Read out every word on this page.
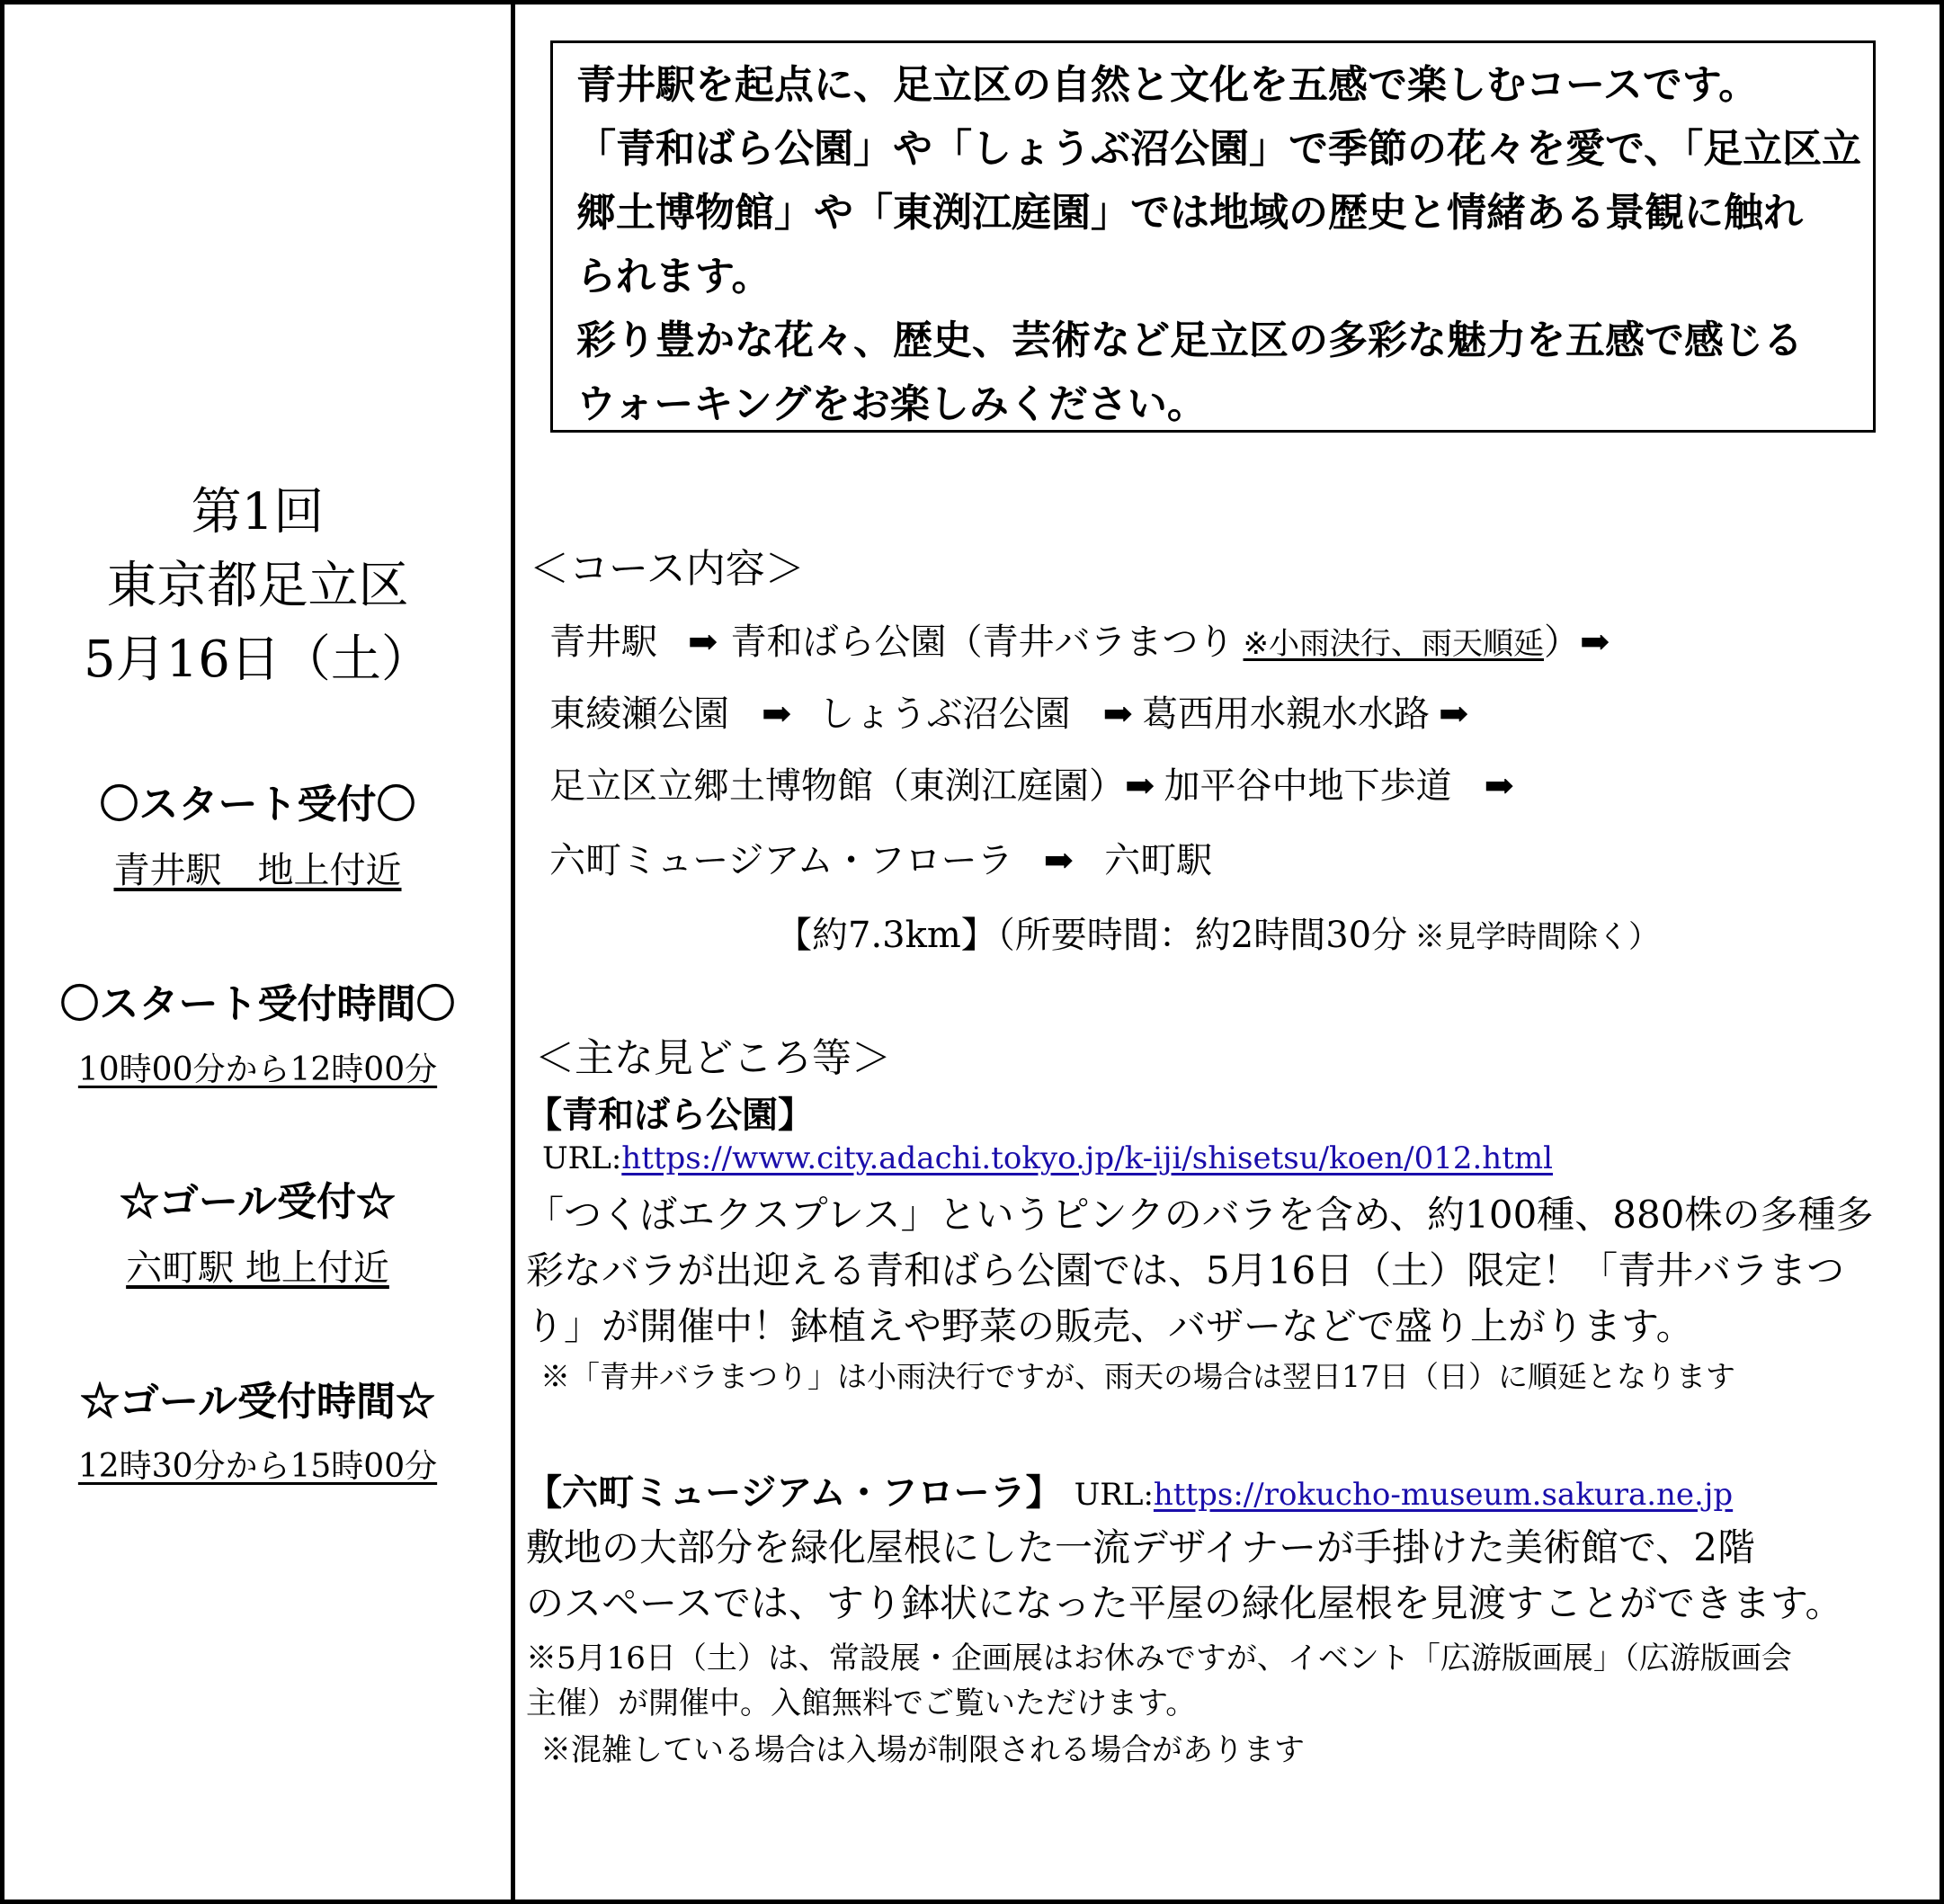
第1回
東京都足立区
5月16日（土）
〇スタート受付〇
青井駅　地上付近
〇スタート受付時間〇
10時00分から12時00分
☆ゴール受付☆
六町駅 地上付近
☆ゴール受付時間☆
12時30分から15時00分
青井駅を起点に、足立区の自然と文化を五感で楽しむコースです。
「青和ばら公園」や「しょうぶ沼公園」で季節の花々を愛で、「足立区立
郷土博物館」や「東渕江庭園」では地域の歴史と情緒ある景観に触れ
られます。
彩り豊かな花々、歴史、芸術など足立区の多彩な魅力を五感で感じる
ウォーキングをお楽しみください。
＜コース内容＞
青井駅 ➡ 青和ばら公園（青井バラまつり ※小雨決行、雨天順延）➡
東綾瀬公園 ➡ しょうぶ沼公園 ➡ 葛西用水親水水路 ➡
足立区立郷土博物館（東渕江庭園）➡ 加平谷中地下歩道 ➡
六町ミュージアム・フローラ ➡ 六町駅
【約7.3km】（所要時間：約2時間30分 ※見学時間除く）
＜主な見どころ等＞
【青和ばら公園】
URL:https://www.city.adachi.tokyo.jp/k-iji/shisetsu/koen/012.html
「つくばエクスプレス」というピンクのバラを含め、約100種、880株の多種多
彩なバラが出迎える青和ばら公園では、5月16日（土）限定！「青井バラまつ
り」が開催中！鉢植えや野菜の販売、バザーなどで盛り上がります。
※「青井バラまつり」は小雨決行ですが、雨天の場合は翌日17日（日）に順延となります
【六町ミュージアム・フローラ】 URL:https://rokucho-museum.sakura.ne.jp
敷地の大部分を緑化屋根にした一流デザイナーが手掛けた美術館で、2階
のスペースでは、すり鉢状になった平屋の緑化屋根を見渡すことができます。
※5月16日（土）は、常設展・企画展はお休みですが、イベント「広游版画展」（広游版画会
主催）が開催中。入館無料でご覧いただけます。
※混雑している場合は入場が制限される場合があります
